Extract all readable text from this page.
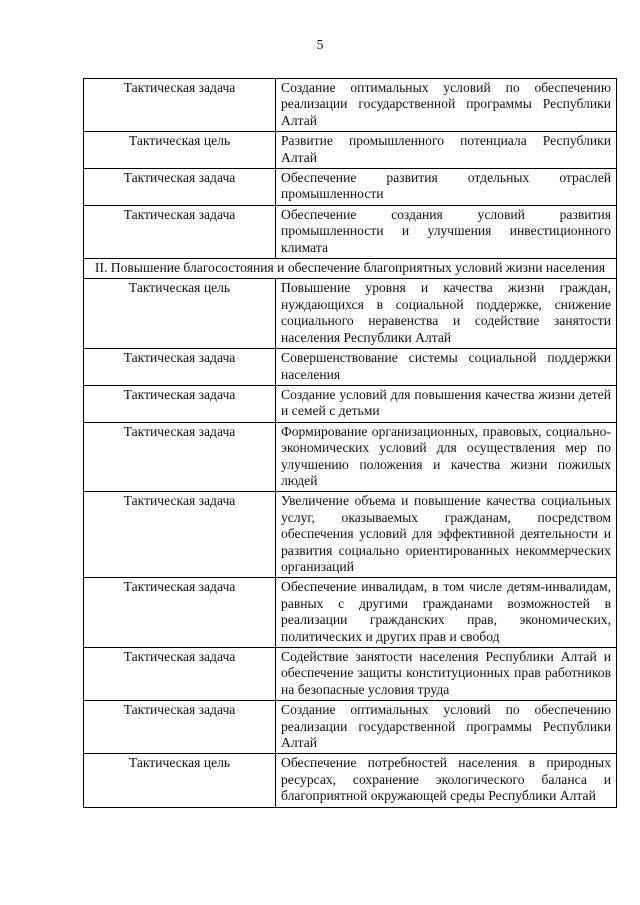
5
Тактическая задача	Создание оптимальных условий по обеспечению реализации государственной программы Республики Алтай
Тактическая цель	Развитие промышленного потенциала Республики Алтай
Тактическая задача	Обеспечение развития отдельных отраслей промышленности
Тактическая задача	Обеспечение создания условий развития промышленности и улучшения инвестиционного климата
II. Повышение благосостояния и обеспечение благоприятных условий жизни населения	
Тактическая цель	Повышение уровня и качества жизни граждан, нуждающихся в социальной поддержке, снижение социального неравенства и содействие занятости населения Республики Алтай
Тактическая задача	Совершенствование системы социальной поддержки населения
Тактическая задача	Создание условий для повышения качества жизни детей и семей с детьми
Тактическая задача	Формирование организационных, правовых, социально-экономических условий для осуществления мер по улучшению положения и качества жизни пожилых людей
Тактическая задача	Увеличение объема и повышение качества социальных услуг, оказываемых гражданам, посредством обеспечения условий для эффективной деятельности и развития социально ориентированных некоммерческих организаций
Тактическая задача	Обеспечение инвалидам, в том числе детям-инвалидам, равных с другими гражданами возможностей в реализации гражданских прав, экономических, политических и других прав и свобод
Тактическая задача	Содействие занятости населения Республики Алтай и обеспечение защиты конституционных прав работников на безопасные условия труда
Тактическая задача	Создание оптимальных условий по обеспечению реализации государственной программы Республики Алтай
Тактическая цель	Обеспечение потребностей населения в природных ресурсах, сохранение экологического баланса и благоприятной окружающей среды Республики Алтай
